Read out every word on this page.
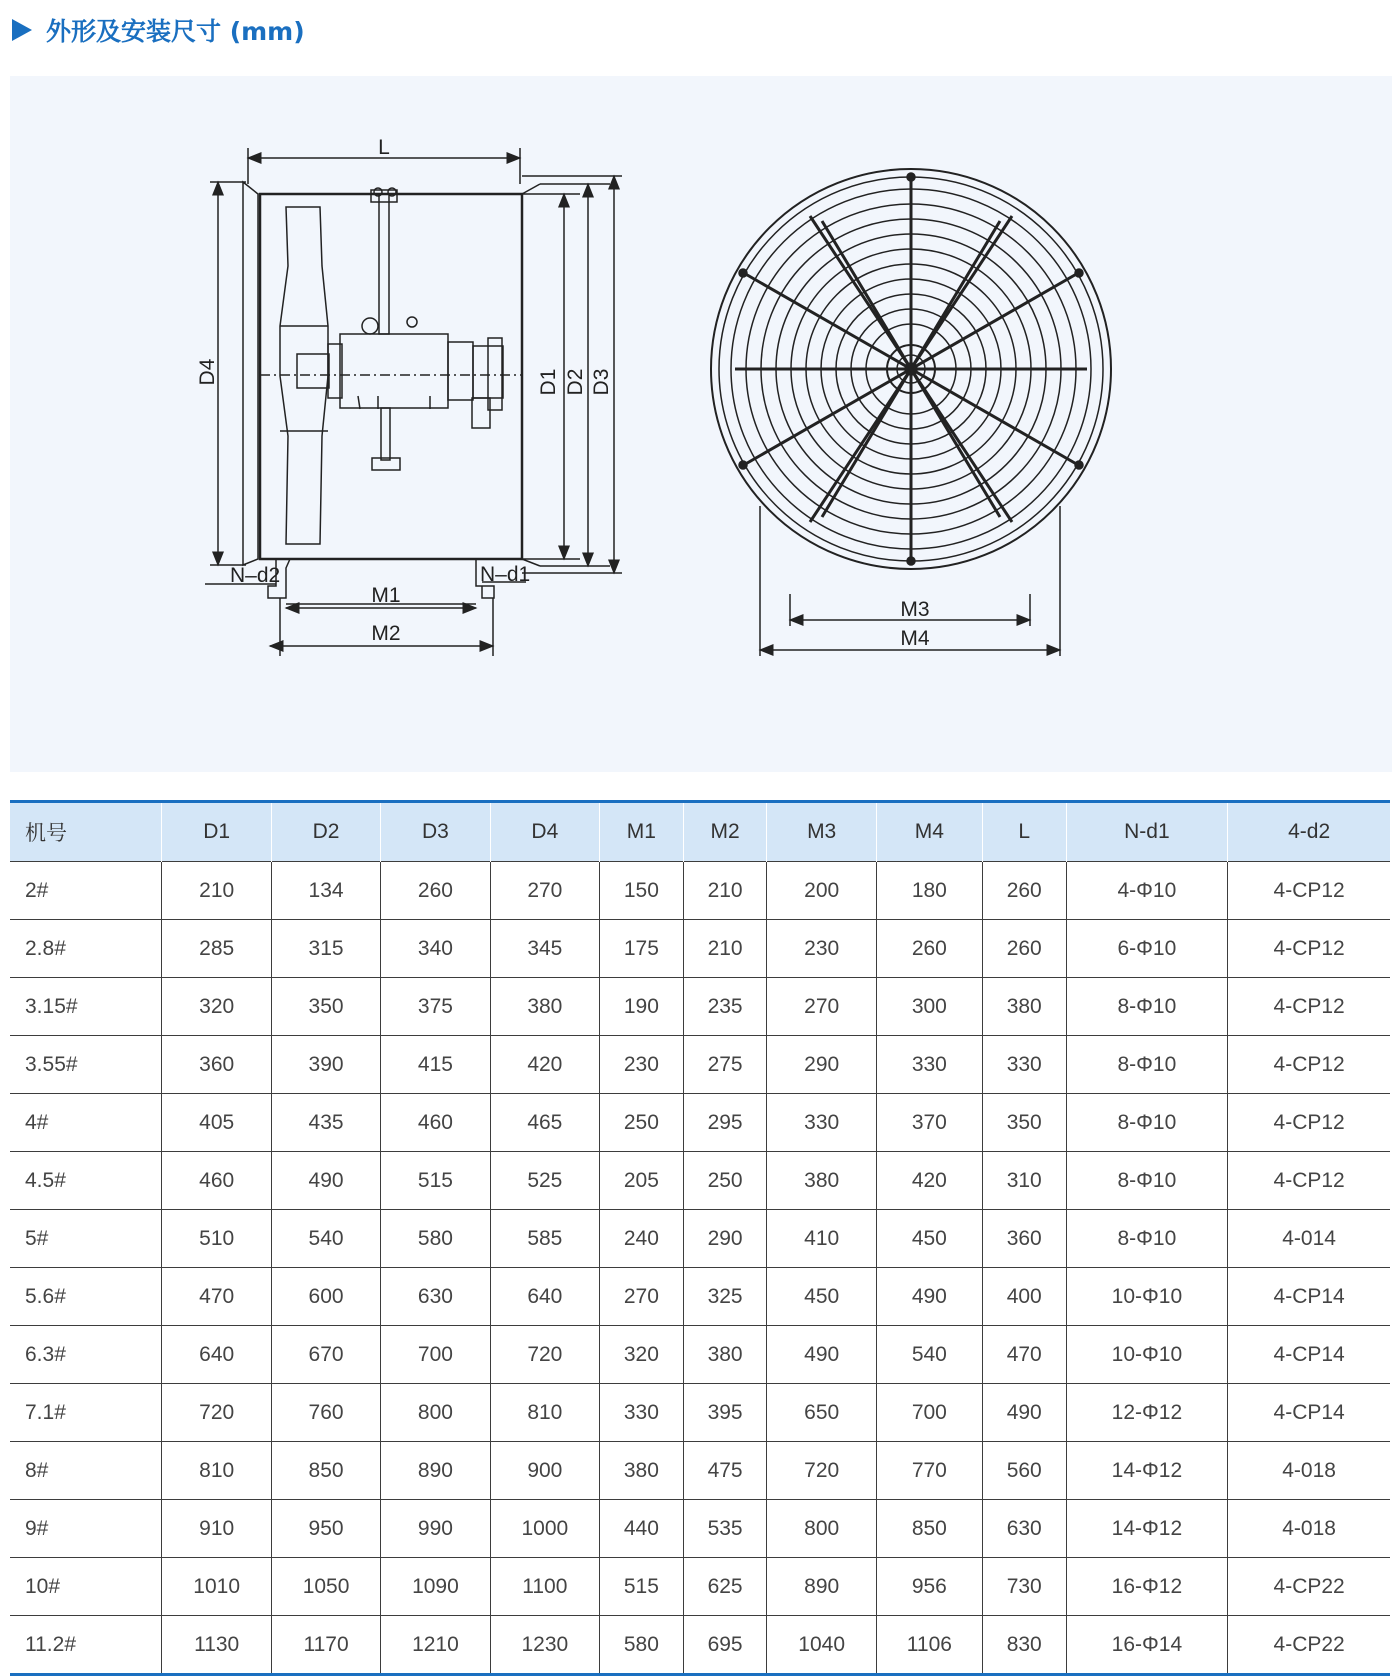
外形及安装尺寸 (mm)
L
D4	D1 D2 D3
N–d2	N–d1
M1
M2
M3
M4
机号	D1	D2	D3	D4	M1	M2	M3	M4	L	N-d1	4-d2
2#	210	134	260	270	150	210	200	180	260	4-Φ10	4-CP12
2.8#	285	315	340	345	175	210	230	260	260	6-Φ10	4-CP12
3.15#	320	350	375	380	190	235	270	300	380	8-Φ10	4-CP12
3.55#	360	390	415	420	230	275	290	330	330	8-Φ10	4-CP12
4#	405	435	460	465	250	295	330	370	350	8-Φ10	4-CP12
4.5#	460	490	515	525	205	250	380	420	310	8-Φ10	4-CP12
5#	510	540	580	585	240	290	410	450	360	8-Φ10	4-014
5.6#	470	600	630	640	270	325	450	490	400	10-Φ10	4-CP14
6.3#	640	670	700	720	320	380	490	540	470	10-Φ10	4-CP14
7.1#	720	760	800	810	330	395	650	700	490	12-Φ12	4-CP14
8#	810	850	890	900	380	475	720	770	560	14-Φ12	4-018
9#	910	950	990	1000	440	535	800	850	630	14-Φ12	4-018
10#	1010	1050	1090	1100	515	625	890	956	730	16-Φ12	4-CP22
11.2#	1130	1170	1210	1230	580	695	1040	1106	830	16-Φ14	4-CP22
